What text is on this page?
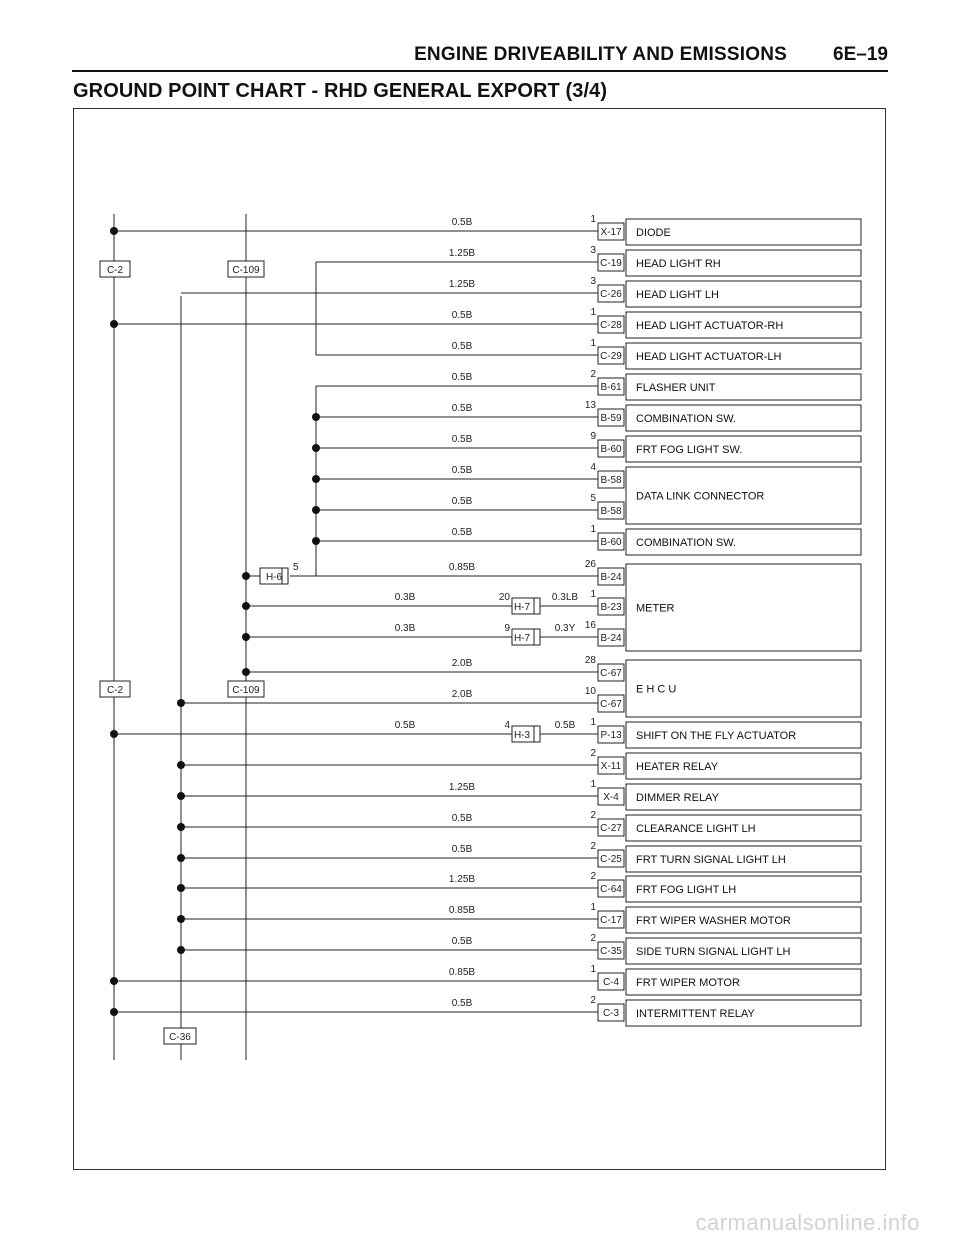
ENGINE DRIVEABILITY AND EMISSIONS 6E–19
GROUND POINT CHART - RHD GENERAL EXPORT (3/4)
carmanualsonline.info
C-2
C-2
C-36
C-109
C-109
0.5B	1
X-17
1.25B	3
C-19
1.25B	3
C-26
0.5B	1
C-28
0.5B	1
C-29
0.5B	2
B-61
0.5B	13
B-59
0.5B	9
B-60
0.5B	4
B-58
0.5B	5
B-58
0.5B	1
B-60
H-6
5	0.85B	26
B-24
H-7
20	0.3LB
0.3B	1
B-23
H-7
9	0.3Y
0.3B	16
B-24
2.0B	28
C-67
2.0B	10
C-67
H-3
4	0.5B
0.5B	1
P-13
2
X-11
1.25B	1
X-4
0.5B	2
C-27
0.5B	2
C-25
1.25B	2
C-64
0.85B	1
C-17
0.5B	2
C-35
0.85B	1
C-4
0.5B	2
C-3
DIODE
HEAD LIGHT RH
HEAD LIGHT LH
HEAD LIGHT ACTUATOR-RH
HEAD LIGHT ACTUATOR-LH
FLASHER UNIT
COMBINATION SW.
FRT FOG LIGHT SW.
DATA LINK CONNECTOR
COMBINATION SW.
METER
E H C U
SHIFT ON THE FLY ACTUATOR
HEATER RELAY
DIMMER RELAY
CLEARANCE LIGHT LH
FRT TURN SIGNAL LIGHT LH
FRT FOG LIGHT LH
FRT WIPER WASHER MOTOR
SIDE TURN SIGNAL LIGHT LH
FRT WIPER MOTOR
INTERMITTENT RELAY
